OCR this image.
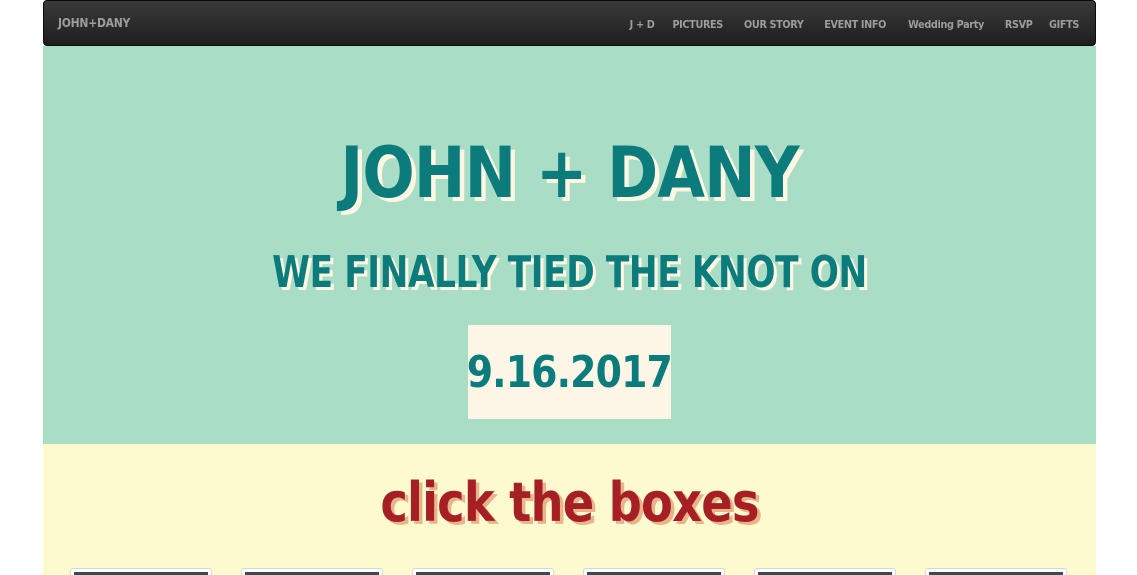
JOHN+DANY	J + D PICTURES OUR STORY EVENT INFO Wedding Party RSVP GIFTS
JOHN + DANY
WE FINALLY TIED THE KNOT ON
9.16.2017
click the boxes
